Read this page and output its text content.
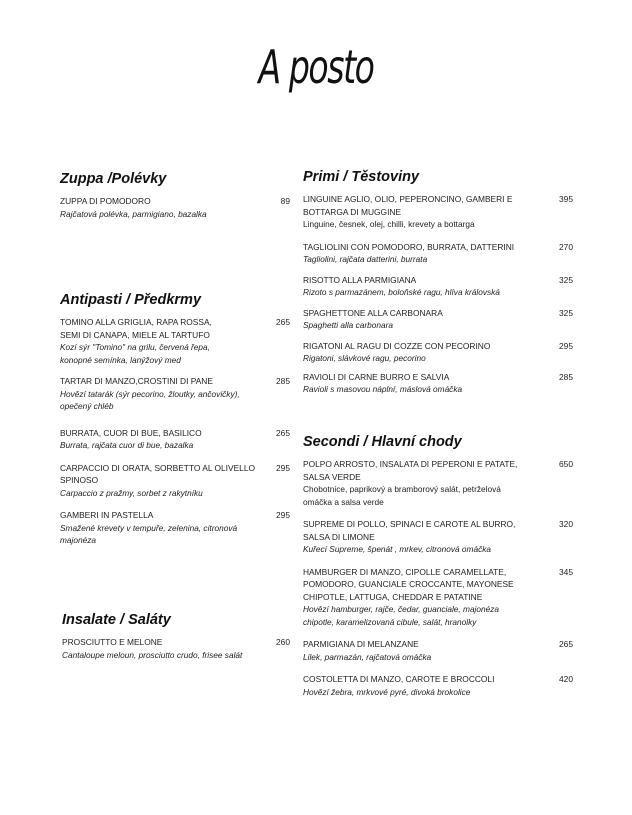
A posto
Zuppa /Polévky
ZUPPA DI POMODORO
Rajčatová polévka, parmigiano, bazalka
89
Antipasti / Předkrmy
TOMINO ALLA GRIGLIA, RAPA ROSSA,
SEMI DI CANAPA, MIELE AL TARTUFO
Kozí sýr "Tomino" na grilu, červená řepa,
konopné semínka, lanýžový med
265
TARTAR DI MANZO,CROSTINI DI PANE
Hovězí tatarák (sýr pecorino, žloutky, ančovičky),
opečený chléb
285
BURRATA, CUOR DI BUE, BASILICO
Burrata, rajčata cuor di bue, bazalka
265
CARPACCIO DI ORATA, SORBETTO AL OLIVELLO
SPINOSO
Carpaccio z pražmy, sorbet z rakytníku
295
GAMBERI IN PASTELLA
Smažené krevety v tempuře, zelenina, citronová
majonéza
295
Insalate / Saláty
PROSCIUTTO E MELONE
Cantaloupe meloun, prosciutto crudo, frisee salát
260
Primi / Těstoviny
LINGUINE AGLIO, OLIO, PEPERONCINO, GAMBERI E
BOTTARGA DI MUGGINE
Linguine, česnek, olej, chilli, krevety a bottarga
395
TAGLIOLINI CON POMODORO, BURRATA, DATTERINI
Tagliolini, rajčata datterini, burrata
270
RISOTTO ALLA PARMIGIANA
Rizoto s parmazánem, boloňské ragu, hlíva královská
325
SPAGHETTONE ALLA CARBONARA
Spaghetti alla carbonara
325
RIGATONI AL RAGU DI COZZE CON PECORINO
Rigatoni, slávkové ragu, pecorino
295
RAVIOLI DI CARNE BURRO E SALVIA
Ravioli s masovou náplní, máslová omáčka
285
Secondi / Hlavní chody
POLPO ARROSTO, INSALATA DI PEPERONI E PATATE,
SALSA VERDE
Chobotnice, paprikový a bramborový salát, petrželová
omáčka a salsa verde
650
SUPREME DI POLLO, SPINACI E CAROTE AL BURRO,
SALSA DI LIMONE
Kuřecí Supreme, špenát , mrkev, citronová omáčka
320
HAMBURGER DI MANZO, CIPOLLE CARAMELLATE,
POMODORO, GUANCIALE CROCCANTE, MAYONESE
CHIPOTLE, LATTUGA, CHEDDAR E PATATINE
Hovězí hamburger, rajče, čedar, guanciale, majonéza
chipotle, karamelizovaná cibule, salát, hranolky
345
PARMIGIANA DI MELANZANE
Lilek, parmazán, rajčatová omáčka
265
COSTOLETTA DI MANZO, CAROTE E BROCCOLI
Hovězí žebra, mrkvové pyré, divoká brokolice
420
